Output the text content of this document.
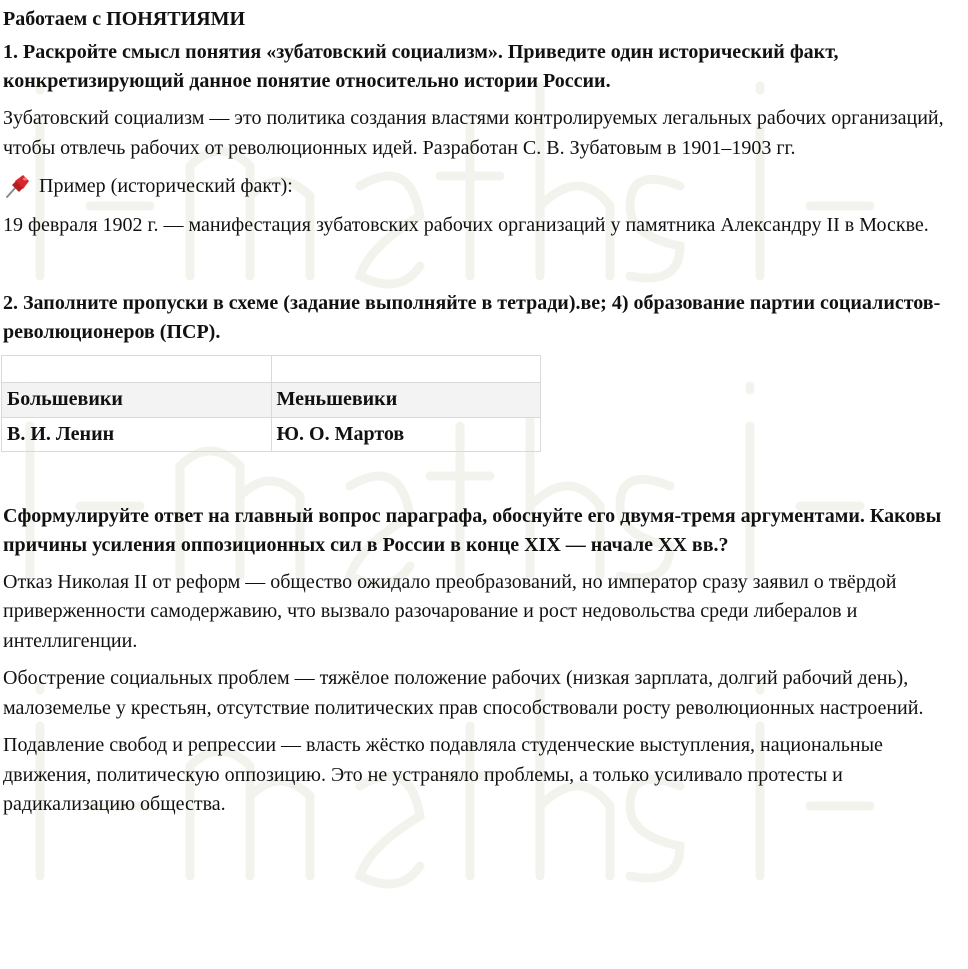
i-maths
Работаем с ПОНЯТИЯМИ
1. Раскройте смысл понятия «зубатовский социализм». Приведите один исторический факт, конкретизирующий данное понятие относительно истории России.
Зубатовский социализм — это политика создания властями контролируемых легальных рабочих организаций, чтобы отвлечь рабочих от революционных идей. Разработан С. В. Зубатовым в 1901–1903 гг.
Пример (исторический факт):
19 февраля 1902 г. — манифестация зубатовских рабочих организаций у памятника Александру II в Москве.
2. Заполните пропуски в схеме (задание выполняйте в тетради).ве; 4) образование партии социалистов-революционеров (ПСР).

Большевики	Меньшевики
В. И. Ленин	Ю. О. Мартов
Сформулируйте ответ на главный вопрос параграфа, обоснуйте его двумя-тремя аргументами. Каковы причины усиления оппозиционных сил в России в конце XIX — начале XX вв.?
Отказ Николая II от реформ — общество ожидало преобразований, но император сразу заявил о твёрдой приверженности самодержавию, что вызвало разочарование и рост недовольства среди либералов и интеллигенции.
Обострение социальных проблем — тяжёлое положение рабочих (низкая зарплата, долгий рабочий день), малоземелье у крестьян, отсутствие политических прав способствовали росту революционных настроений.
Подавление свобод и репрессии — власть жёстко подавляла студенческие выступления, национальные движения, политическую оппозицию. Это не устраняло проблемы, а только усиливало протесты и радикализацию общества.
